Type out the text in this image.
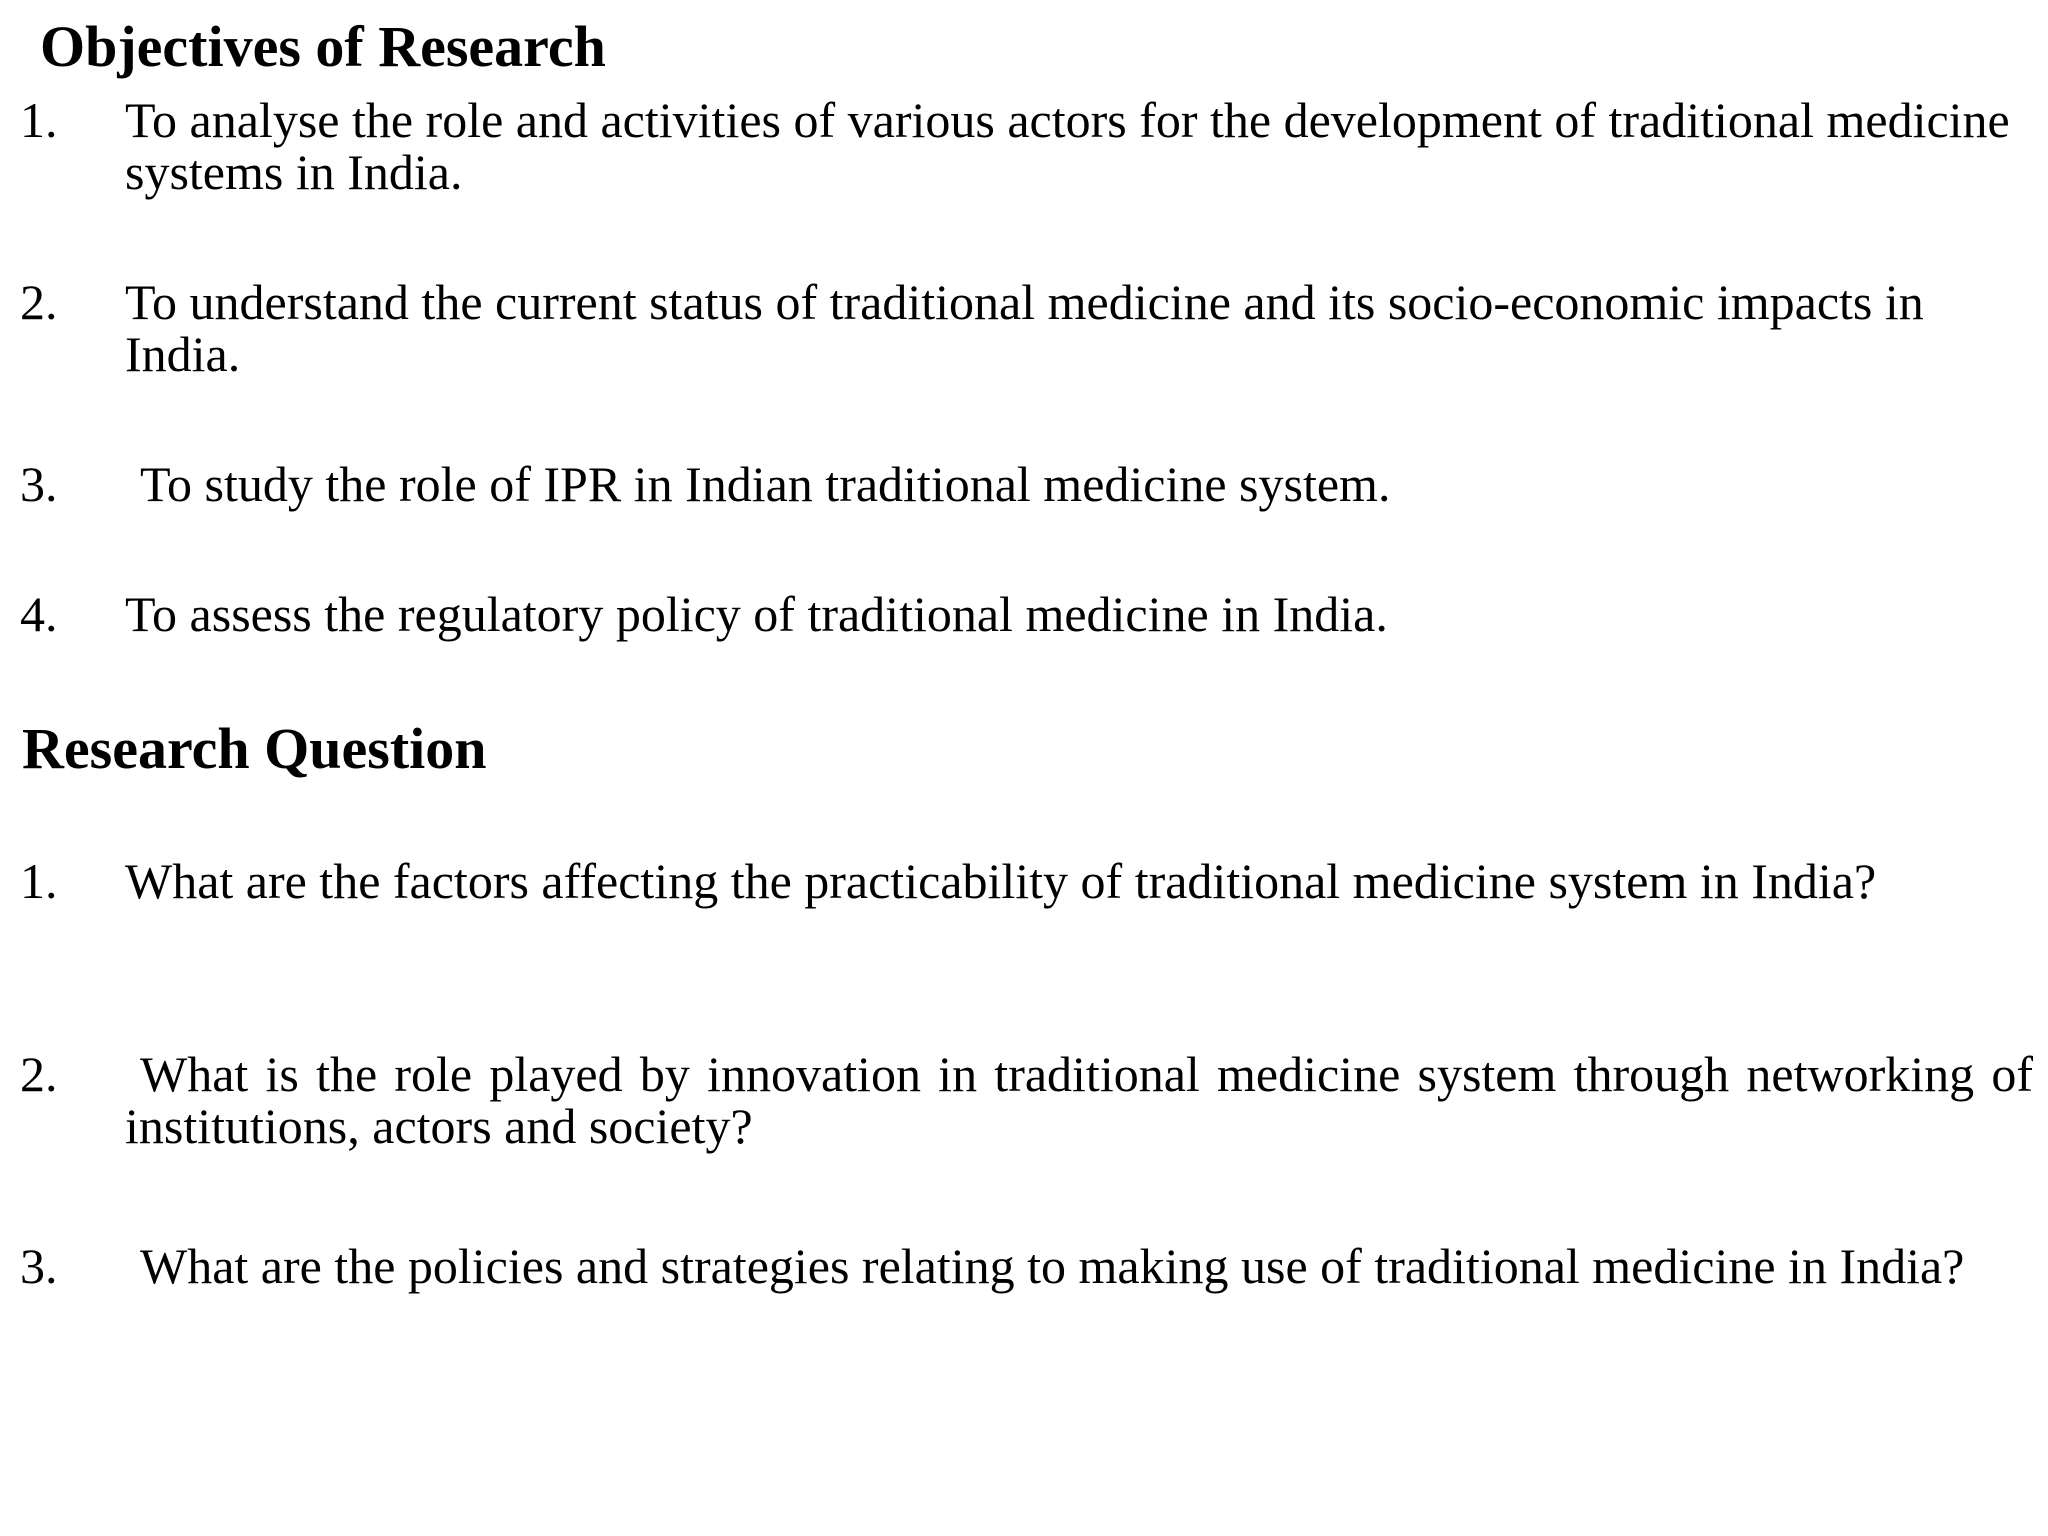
Objectives of Research
1. To analyse the role and activities of various actors for the development of traditional medicine systems in India.

2. To understand the current status of traditional medicine and its socio-economic impacts in India.

3.	To study the role of IPR in Indian traditional medicine system.

4. To assess the regulatory policy of traditional medicine in India.

Research Question
1. What are the factors affecting the practicability of traditional medicine system in India?

2.	What is the role played by innovation in traditional medicine system through networking of institutions, actors and society?

3.	What are the policies and strategies relating to making use of traditional medicine in India?
